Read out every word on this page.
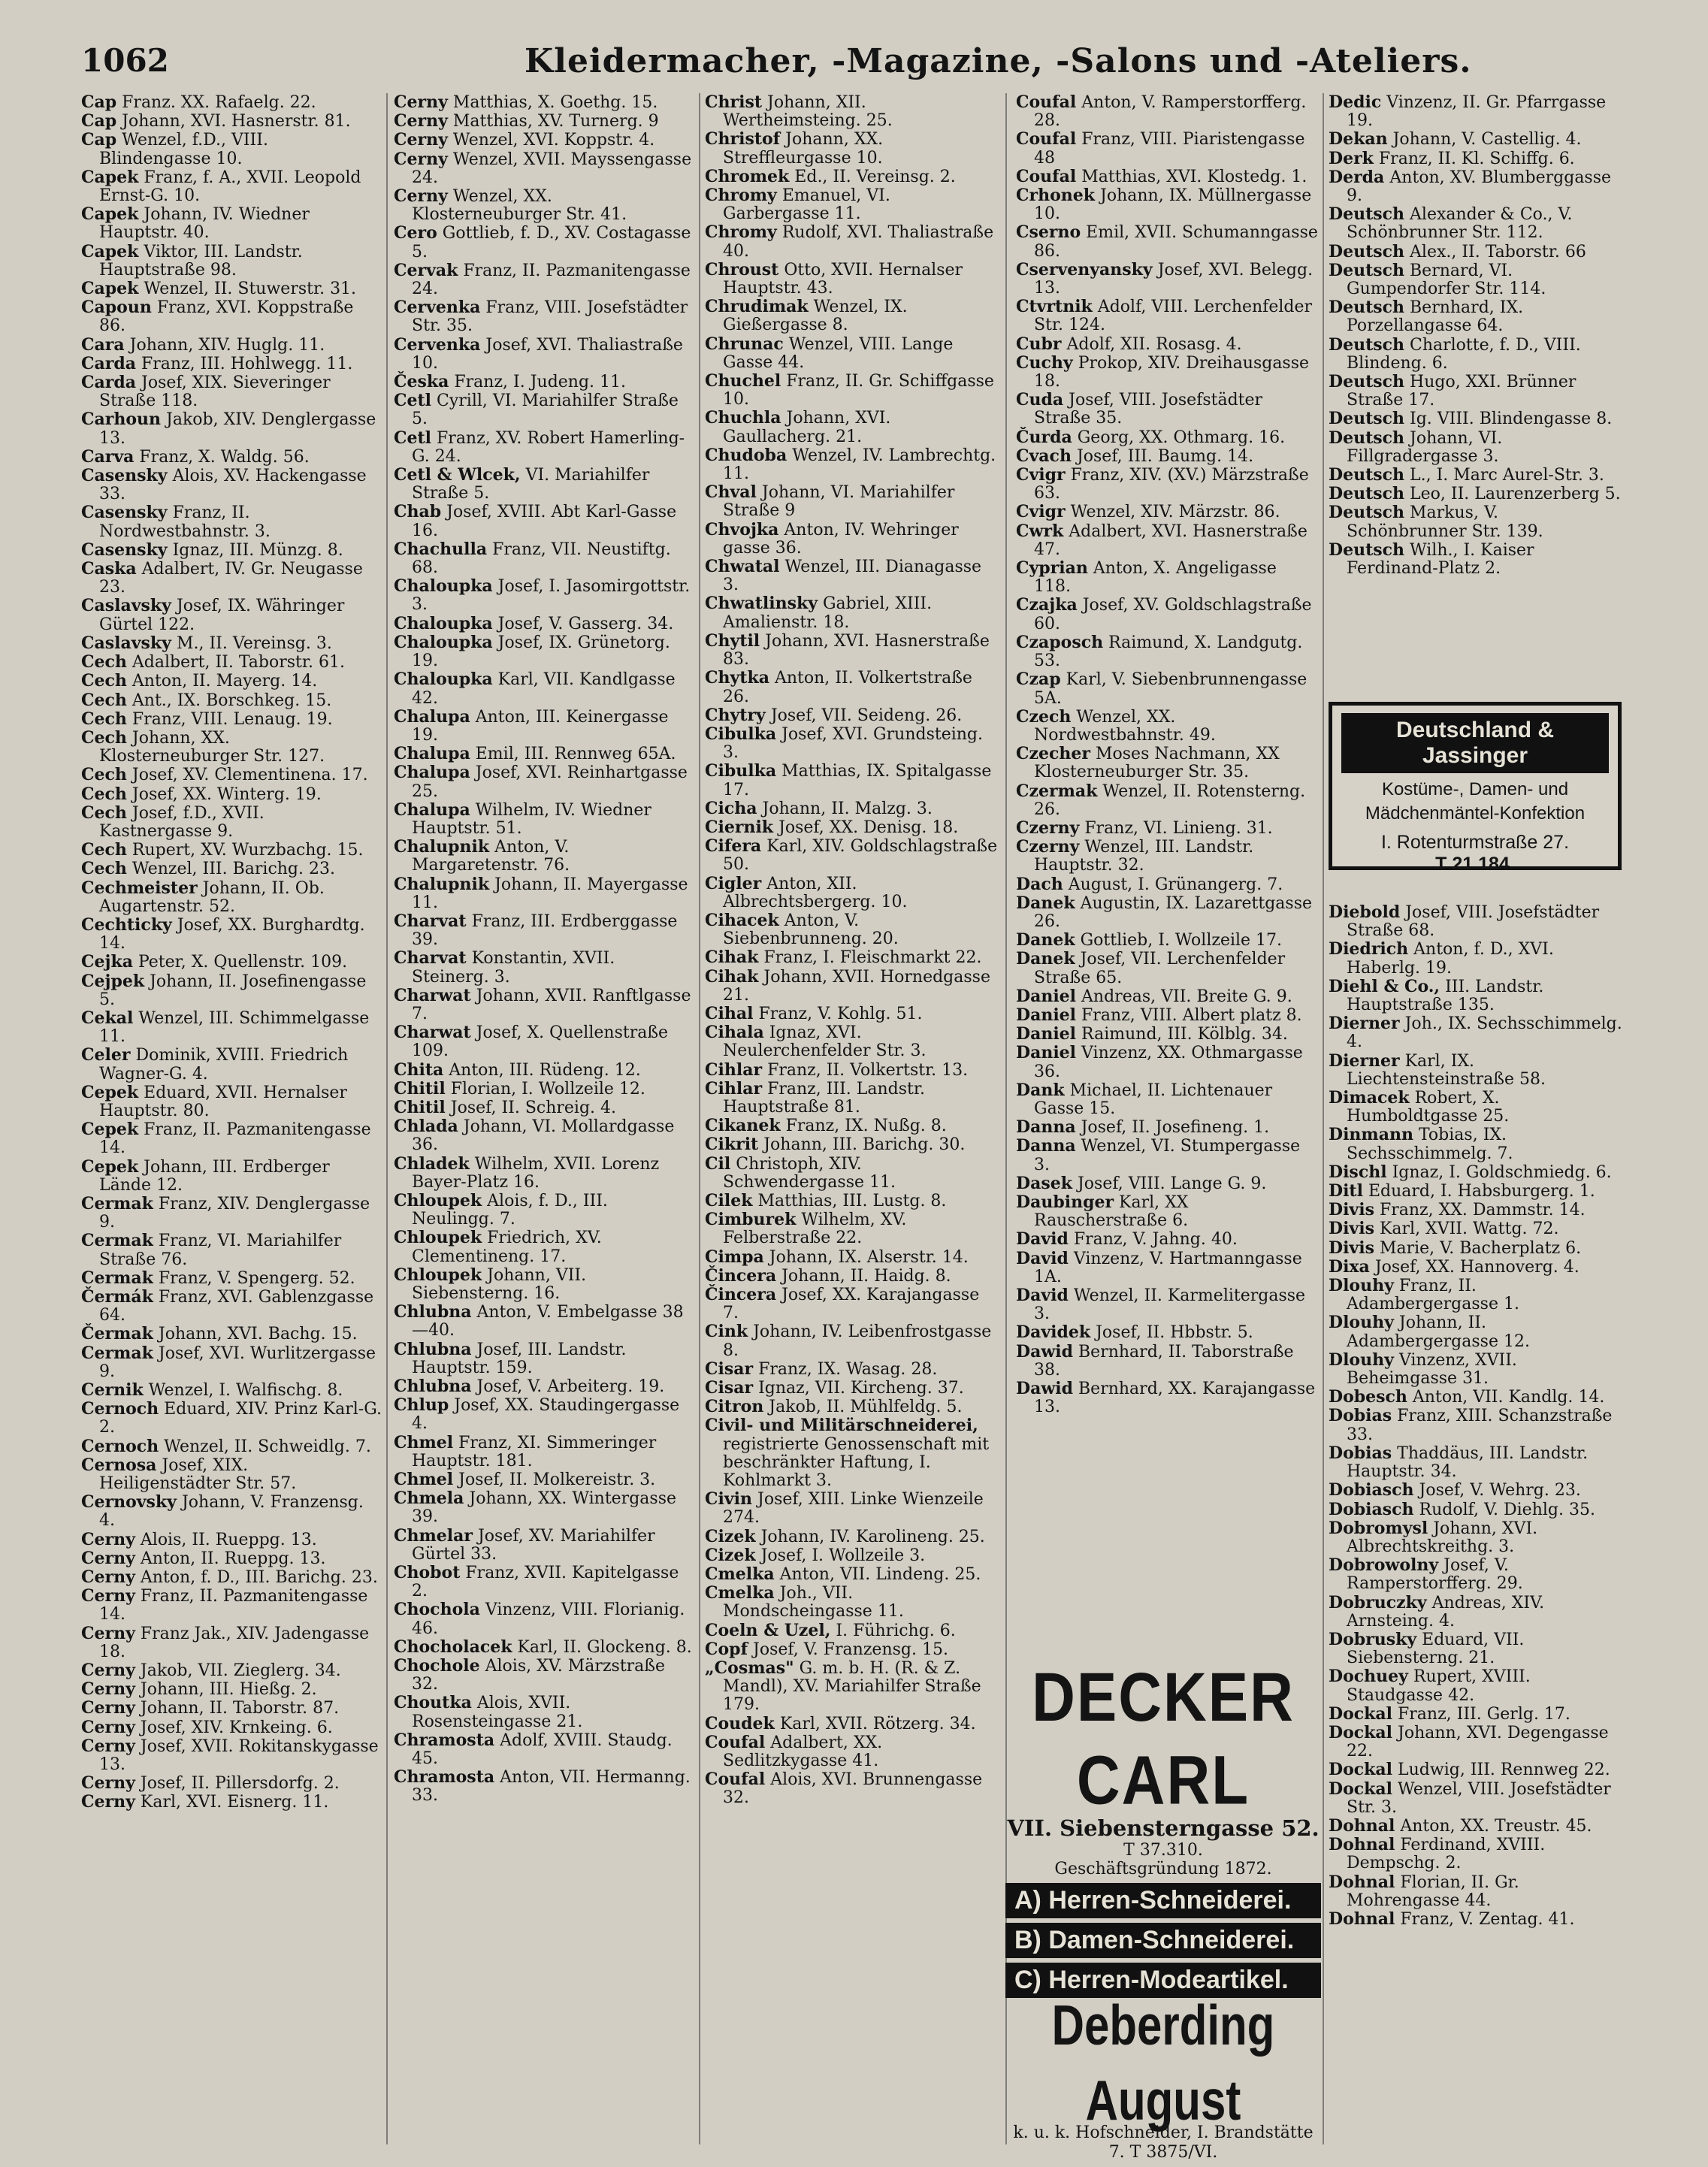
1062	Kleidermacher, -Magazine, -Salons und -Ateliers.

Cap Franz. XX. Rafaelg. 22.

Cap Johann, XVI. Hasnerstr. 81.

Cap Wenzel, f.D., VIII. Blindengasse 10.

Capek Franz, f. A., XVII. Leopold Ernst-G. 10.

Capek Johann, IV. Wiedner Hauptstr. 40.

Capek Viktor, III. Landstr. Hauptstraße 98.

Capek Wenzel, II. Stuwerstr. 31.

Capoun Franz, XVI. Koppstraße 86.

Cara Johann, XIV. Huglg. 11.

Carda Franz, III. Hohlwegg. 11.

Carda Josef, XIX. Sieveringer Straße 118.

Carhoun Jakob, XIV. Denglergasse 13.

Carva Franz, X. Waldg. 56.

Casensky Alois, XV. Hackengasse 33.

Casensky Franz, II. Nordwestbahnstr. 3.

Casensky Ignaz, III. Münzg. 8.

Caska Adalbert, IV. Gr. Neugasse 23.

Caslavsky Josef, IX. Währinger Gürtel 122.

Caslavsky M., II. Vereinsg. 3.

Cech Adalbert, II. Taborstr. 61.

Cech Anton, II. Mayerg. 14.

Cech Ant., IX. Borschkeg. 15.

Cech Franz, VIII. Lenaug. 19.

Cech Johann, XX. Klosterneuburger Str. 127.

Cech Josef, XV. Clementinena. 17.

Cech Josef, XX. Winterg. 19.

Cech Josef, f.D., XVII. Kastnergasse 9.

Cech Rupert, XV. Wurzbachg. 15.

Cech Wenzel, III. Barichg. 23.

Cechmeister Johann, II. Ob. Augartenstr. 52.

Cechticky Josef, XX. Burghardtg. 14.

Cejka Peter, X. Quellenstr. 109.

Cejpek Johann, II. Josefinengasse 5.

Cekal Wenzel, III. Schimmelgasse 11.

Celer Dominik, XVIII. Friedrich Wagner-G. 4.

Cepek Eduard, XVII. Hernalser Hauptstr. 80.

Cepek Franz, II. Pazmanitengasse 14.

Cepek Johann, III. Erdberger Lände 12.

Cermak Franz, XIV. Denglergasse 9.

Cermak Franz, VI. Mariahilfer Straße 76.

Cermak Franz, V. Spengerg. 52.

Čermák Franz, XVI. Gablenzgasse 64.

Čermak Johann, XVI. Bachg. 15.

Cermak Josef, XVI. Wurlitzergasse 9.

Cernik Wenzel, I. Walfischg. 8.

Cernoch Eduard, XIV. Prinz Karl-G. 2.

Cernoch Wenzel, II. Schweidlg. 7.

Cernosa Josef, XIX. Heiligenstädter Str. 57.

Cernovsky Johann, V. Franzensg. 4.

Cerny Alois, II. Rueppg. 13.

Cerny Anton, II. Rueppg. 13.

Cerny Anton, f. D., III. Barichg. 23.

Cerny Franz, II. Pazmanitengasse 14.

Cerny Franz Jak., XIV. Jadengasse 18.

Cerny Jakob, VII. Zieglerg. 34.

Cerny Johann, III. Hießg. 2.

Cerny Johann, II. Taborstr. 87.

Cerny Josef, XIV. Krnkeing. 6.

Cerny Josef, XVII. Rokitanskygasse 13.

Cerny Josef, II. Pillersdorfg. 2.

Cerny Karl, XVI. Eisnerg. 11.

Cerny Matthias, X. Goethg. 15.

Cerny Matthias, XV. Turnerg. 9

Cerny Wenzel, XVI. Koppstr. 4.

Cerny Wenzel, XVII. Mayssengasse 24.

Cerny Wenzel, XX. Klosterneuburger Str. 41.

Cero Gottlieb, f. D., XV. Costagasse 5.

Cervak Franz, II. Pazmanitengasse 24.

Cervenka Franz, VIII. Josefstädter Str. 35.

Cervenka Josef, XVI. Thaliastraße 10.

Česka Franz, I. Judeng. 11.

Cetl Cyrill, VI. Mariahilfer Straße 5.

Cetl Franz, XV. Robert Hamerling-G. 24.

Cetl & Wlcek, VI. Mariahilfer Straße 5.

Chab Josef, XVIII. Abt Karl-Gasse 16.

Chachulla Franz, VII. Neustiftg. 68.

Chaloupka Josef, I. Jasomirgottstr. 3.

Chaloupka Josef, V. Gasserg. 34.

Chaloupka Josef, IX. Grünetorg. 19.

Chaloupka Karl, VII. Kandlgasse 42.

Chalupa Anton, III. Keinergasse 19.

Chalupa Emil, III. Rennweg 65A.

Chalupa Josef, XVI. Reinhartgasse 25.

Chalupa Wilhelm, IV. Wiedner Hauptstr. 51.

Chalupnik Anton, V. Margaretenstr. 76.

Chalupnik Johann, II. Mayergasse 11.

Charvat Franz, III. Erdberggasse 39.

Charvat Konstantin, XVII. Steinerg. 3.

Charwat Johann, XVII. Ranftlgasse 7.

Charwat Josef, X. Quellenstraße 109.

Chita Anton, III. Rüdeng. 12.

Chitil Florian, I. Wollzeile 12.

Chitil Josef, II. Schreig. 4.

Chlada Johann, VI. Mollardgasse 36.

Chladek Wilhelm, XVII. Lorenz Bayer-Platz 16.

Chloupek Alois, f. D., III. Neulingg. 7.

Chloupek Friedrich, XV. Clementineng. 17.

Chloupek Johann, VII. Siebensterng. 16.

Chlubna Anton, V. Embelgasse 38—40.

Chlubna Josef, III. Landstr. Hauptstr. 159.

Chlubna Josef, V. Arbeiterg. 19.

Chlup Josef, XX. Staudingergasse 4.

Chmel Franz, XI. Simmeringer Hauptstr. 181.

Chmel Josef, II. Molkereistr. 3.

Chmela Johann, XX. Wintergasse 39.

Chmelar Josef, XV. Mariahilfer Gürtel 33.

Chobot Franz, XVII. Kapitelgasse 2.

Chochola Vinzenz, VIII. Florianig. 46.

Chocholacek Karl, II. Glockeng. 8.

Chochole Alois, XV. Märzstraße 32.

Choutka Alois, XVII. Rosensteingasse 21.

Chramosta Adolf, XVIII. Staudg. 45.

Chramosta Anton, VII. Hermanng. 33.

Christ Johann, XII. Wertheimsteing. 25.

Christof Johann, XX. Streffleurgasse 10.

Chromek Ed., II. Vereinsg. 2.

Chromy Emanuel, VI. Garbergasse 11.

Chromy Rudolf, XVI. Thaliastraße 40.

Chroust Otto, XVII. Hernalser Hauptstr. 43.

Chrudimak Wenzel, IX. Gießergasse 8.

Chrunac Wenzel, VIII. Lange Gasse 44.

Chuchel Franz, II. Gr. Schiffgasse 10.

Chuchla Johann, XVI. Gaullacherg. 21.

Chudoba Wenzel, IV. Lambrechtg. 11.

Chval Johann, VI. Mariahilfer Straße 9

Chvojka Anton, IV. Wehringer gasse 36.

Chwatal Wenzel, III. Dianagasse 3.

Chwatlinsky Gabriel, XIII. Amalienstr. 18.

Chytil Johann, XVI. Hasnerstraße 83.

Chytka Anton, II. Volkertstraße 26.

Chytry Josef, VII. Seideng. 26.

Cibulka Josef, XVI. Grundsteing. 3.

Cibulka Matthias, IX. Spitalgasse 17.

Cicha Johann, II. Malzg. 3.

Ciernik Josef, XX. Denisg. 18.

Cifera Karl, XIV. Goldschlagstraße 50.

Cigler Anton, XII. Albrechtsbergerg. 10.

Cihacek Anton, V. Siebenbrunneng. 20.

Cihak Franz, I. Fleischmarkt 22.

Cihak Johann, XVII. Hornedgasse 21.

Cihal Franz, V. Kohlg. 51.

Cihala Ignaz, XVI. Neulerchenfelder Str. 3.

Cihlar Franz, II. Volkertstr. 13.

Cihlar Franz, III. Landstr. Hauptstraße 81.

Cikanek Franz, IX. Nußg. 8.

Cikrit Johann, III. Barichg. 30.

Cil Christoph, XIV. Schwendergasse 11.

Cilek Matthias, III. Lustg. 8.

Cimburek Wilhelm, XV. Felberstraße 22.

Cimpa Johann, IX. Alserstr. 14.

Čincera Johann, II. Haidg. 8.

Čincera Josef, XX. Karajangasse 7.

Cink Johann, IV. Leibenfrostgasse 8.

Cisar Franz, IX. Wasag. 28.

Cisar Ignaz, VII. Kircheng. 37.

Citron Jakob, II. Mühlfeldg. 5.

Civil- und Militärschneiderei, registrierte Genossenschaft mit beschränkter Haftung, I. Kohlmarkt 3.

Civin Josef, XIII. Linke Wienzeile 274.

Cizek Johann, IV. Karolineng. 25.

Cizek Josef, I. Wollzeile 3.

Cmelka Anton, VII. Lindeng. 25.

Cmelka Joh., VII. Mondscheingasse 11.

Coeln & Uzel, I. Führichg. 6.

Copf Josef, V. Franzensg. 15.

„Cosmas" G. m. b. H. (R. & Z. Mandl), XV. Mariahilfer Straße 179.

Coudek Karl, XVII. Rötzerg. 34.

Coufal Adalbert, XX. Sedlitzkygasse 41.

Coufal Alois, XVI. Brunnengasse 32.

Coufal Anton, V. Ramperstorfferg. 28.

Coufal Franz, VIII. Piaristengasse 48

Coufal Matthias, XVI. Klostedg. 1.

Crhonek Johann, IX. Müllnergasse 10.

Cserno Emil, XVII. Schumanngasse 86.

Cservenyansky Josef, XVI. Belegg. 13.

Ctvrtnik Adolf, VIII. Lerchenfelder Str. 124.

Cubr Adolf, XII. Rosasg. 4.

Cuchy Prokop, XIV. Dreihausgasse 18.

Cuda Josef, VIII. Josefstädter Straße 35.

Čurda Georg, XX. Othmarg. 16.

Cvach Josef, III. Baumg. 14.

Cvigr Franz, XIV. (XV.) Märzstraße 63.

Cvigr Wenzel, XIV. Märzstr. 86.

Cwrk Adalbert, XVI. Hasnerstraße 47.

Cyprian Anton, X. Angeligasse 118.

Czajka Josef, XV. Goldschlagstraße 60.

Czaposch Raimund, X. Landgutg. 53.

Czap Karl, V. Siebenbrunnengasse 5A.

Czech Wenzel, XX. Nordwestbahnstr. 49.

Czecher Moses Nachmann, XX Klosterneuburger Str. 35.

Czermak Wenzel, II. Rotensterng. 26.

Czerny Franz, VI. Linieng. 31.

Czerny Wenzel, III. Landstr. Hauptstr. 32.

Dach August, I. Grünangerg. 7.

Danek Augustin, IX. Lazarettgasse 26.

Danek Gottlieb, I. Wollzeile 17.

Danek Josef, VII. Lerchenfelder Straße 65.

Daniel Andreas, VII. Breite G. 9.

Daniel Franz, VIII. Albert platz 8.

Daniel Raimund, III. Kölblg. 34.

Daniel Vinzenz, XX. Othmargasse 36.

Dank Michael, II. Lichtenauer Gasse 15.

Danna Josef, II. Josefineng. 1.

Danna Wenzel, VI. Stumpergasse 3.

Dasek Josef, VIII. Lange G. 9.

Daubinger Karl, XX Rauscherstraße 6.

David Franz, V. Jahng. 40.

David Vinzenz, V. Hartmanngasse 1A.

David Wenzel, II. Karmelitergasse 3.

Davidek Josef, II. Hbbstr. 5.

Dawid Bernhard, II. Taborstraße 38.

Dawid Bernhard, XX. Karajangasse 13.

Dedic Vinzenz, II. Gr. Pfarrgasse 19.

Dekan Johann, V. Castellig. 4.

Derk Franz, II. Kl. Schiffg. 6.

Derda Anton, XV. Blumberggasse 9.

Deutsch Alexander & Co., V. Schönbrunner Str. 112.

Deutsch Alex., II. Taborstr. 66

Deutsch Bernard, VI. Gumpendorfer Str. 114.

Deutsch Bernhard, IX. Porzellangasse 64.

Deutsch Charlotte, f. D., VIII. Blindeng. 6.

Deutsch Hugo, XXI. Brünner Straße 17.

Deutsch Ig. VIII. Blindengasse 8.

Deutsch Johann, VI. Fillgradergasse 3.

Deutsch L., I. Marc Aurel-Str. 3.

Deutsch Leo, II. Laurenzerberg 5.

Deutsch Markus, V. Schönbrunner Str. 139.

Deutsch Wilh., I. Kaiser Ferdinand-Platz 2.

Diebold Josef, VIII. Josefstädter Straße 68.

Diedrich Anton, f. D., XVI. Haberlg. 19.

Diehl & Co., III. Landstr. Hauptstraße 135.

Dierner Joh., IX. Sechsschimmelg. 4.

Dierner Karl, IX. Liechtensteinstraße 58.

Dimacek Robert, X. Humboldtgasse 25.

Dinmann Tobias, IX. Sechsschimmelg. 7.

Dischl Ignaz, I. Goldschmiedg. 6.

Ditl Eduard, I. Habsburgerg. 1.

Divis Franz, XX. Dammstr. 14.

Divis Karl, XVII. Wattg. 72.

Divis Marie, V. Bacherplatz 6.

Dixa Josef, XX. Hannoverg. 4.

Dlouhy Franz, II. Adambergergasse 1.

Dlouhy Johann, II. Adambergergasse 12.

Dlouhy Vinzenz, XVII. Beheimgasse 31.

Dobesch Anton, VII. Kandlg. 14.

Dobias Franz, XIII. Schanzstraße 33.

Dobias Thaddäus, III. Landstr. Hauptstr. 34.

Dobiasch Josef, V. Wehrg. 23.

Dobiasch Rudolf, V. Diehlg. 35.

Dobromysl Johann, XVI. Albrechtskreithg. 3.

Dobrowolny Josef, V. Ramperstorfferg. 29.

Dobruczky Andreas, XIV. Arnsteing. 4.

Dobrusky Eduard, VII. Siebensterng. 21.

Dochuey Rupert, XVIII. Staudgasse 42.

Dockal Franz, III. Gerlg. 17.

Dockal Johann, XVI. Degengasse 22.

Dockal Ludwig, III. Rennweg 22.

Dockal Wenzel, VIII. Josefstädter Str. 3.

Dohnal Anton, XX. Treustr. 45.

Dohnal Ferdinand, XVIII. Dempschg. 2.

Dohnal Florian, II. Gr. Mohrengasse 44.

Dohnal Franz, V. Zentag. 41.

Deutschland & Jassinger
Kostüme-, Damen- und
Mädchenmäntel-Konfektion
I. Rotenturmstraße 27.
T 21.184.
DECKER CARL
VII. Siebensterngasse 52.
T 37.310.
Geschäftsgründung 1872.
A) Herren-Schneiderei.
B) Damen-Schneiderei.
C) Herren-Modeartikel.
Deberding August
k. u. k. Hofschneider, I. Brandstätte 7. T 3875/VI.
